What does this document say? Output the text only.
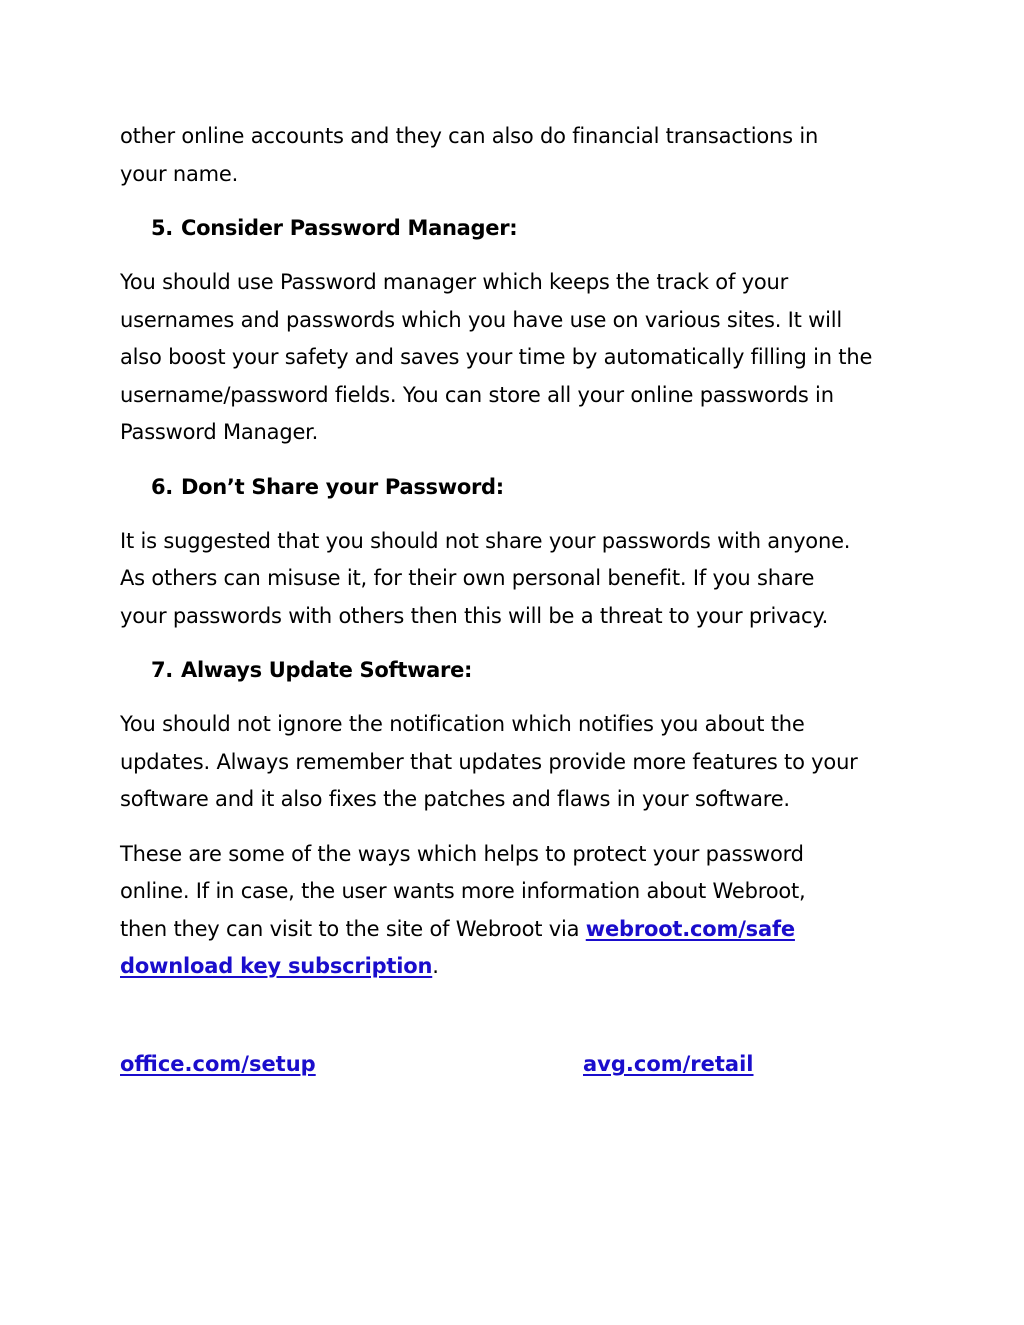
other online accounts and they can also do financial transactions in
your name.
5. Consider Password Manager:
You should use Password manager which keeps the track of your
usernames and passwords which you have use on various sites. It will
also boost your safety and saves your time by automatically filling in the
username/password fields. You can store all your online passwords in
Password Manager.
6. Don’t Share your Password:
It is suggested that you should not share your passwords with anyone.
As others can misuse it, for their own personal benefit. If you share
your passwords with others then this will be a threat to your privacy.
7. Always Update Software:
You should not ignore the notification which notifies you about the
updates. Always remember that updates provide more features to your
software and it also fixes the patches and flaws in your software.
These are some of the ways which helps to protect your password
online. If in case, the user wants more information about Webroot,
then they can visit to the site of Webroot via webroot.com/safe
download key subscription.
office.com/setup	avg.com/retail
